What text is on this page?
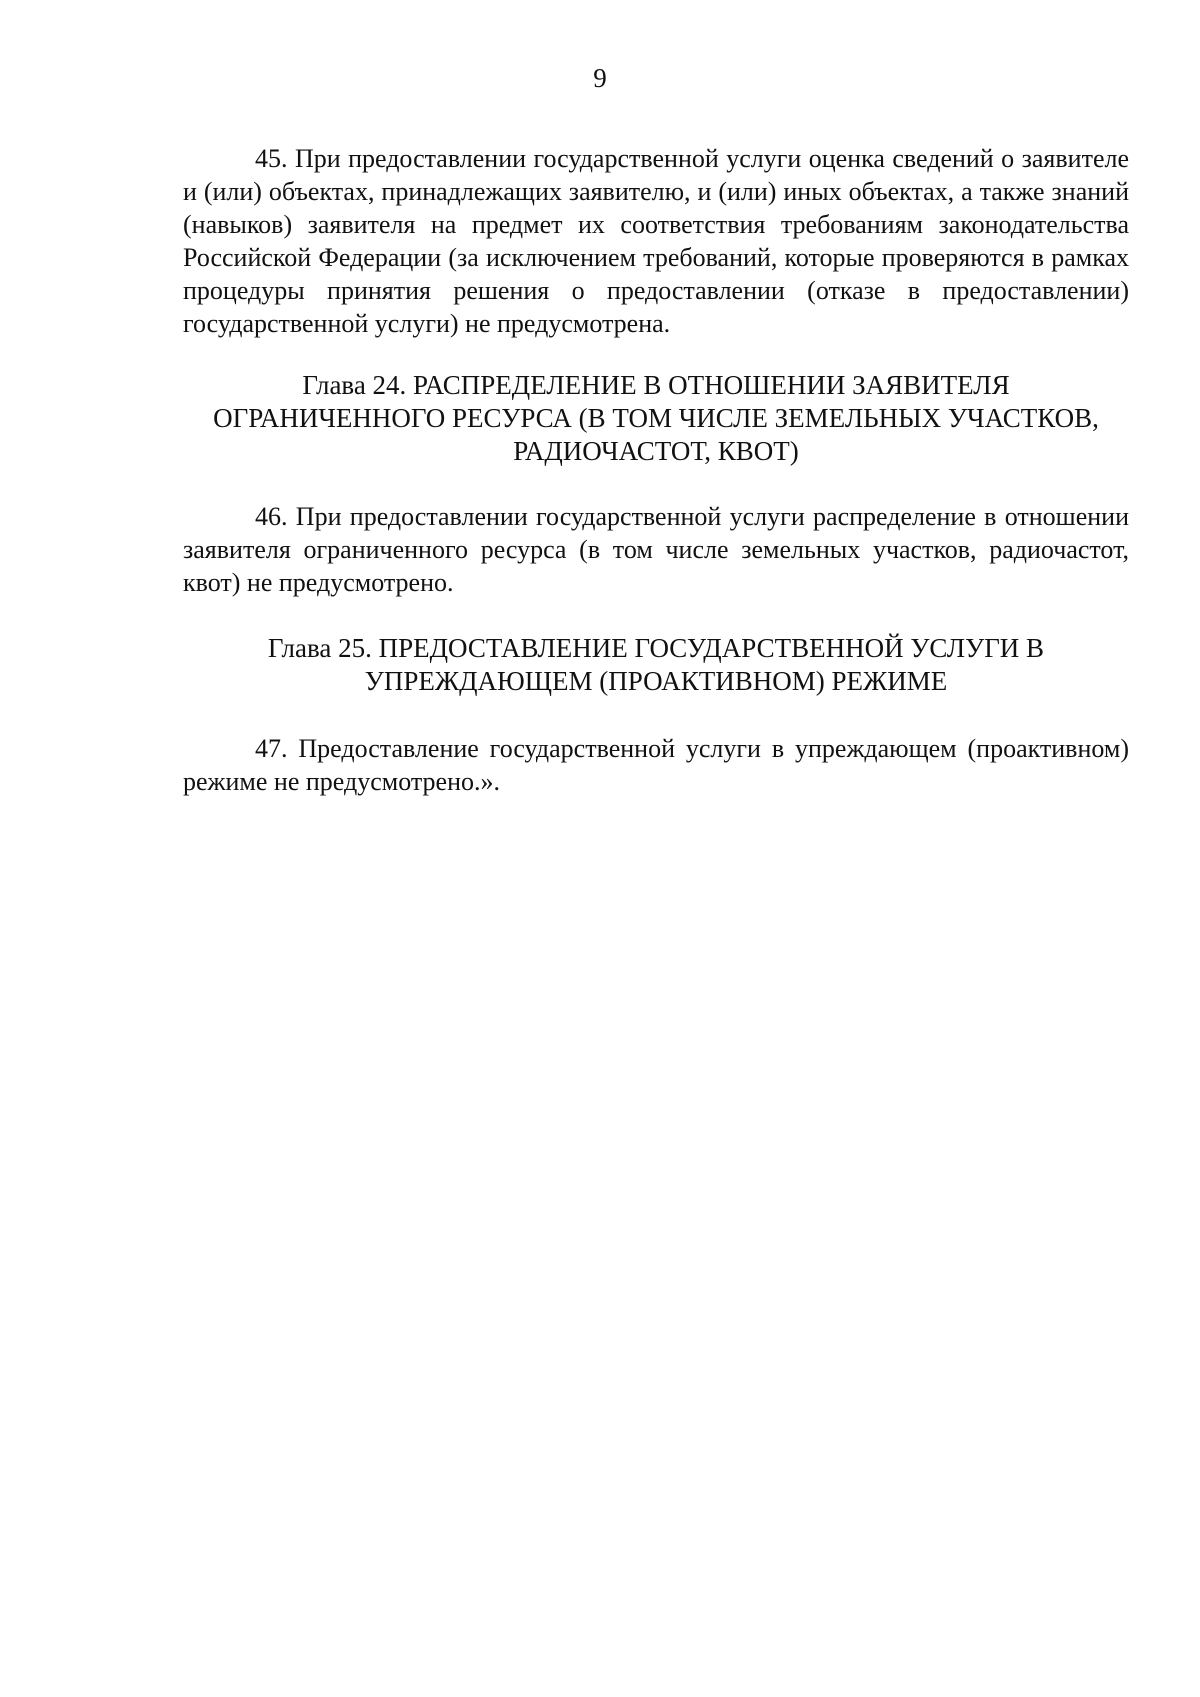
9

45. При предоставлении государственной услуги оценка сведений о заявителе и (или) объектах, принадлежащих заявителю, и (или) иных объектах, а также знаний (навыков) заявителя на предмет их соответствия требованиям законодательства Российской Федерации (за исключением требований, которые проверяются в рамках процедуры принятия решения о предоставлении (отказе в предоставлении) государственной услуги) не предусмотрена.

Глава 24. РАСПРЕДЕЛЕНИЕ В ОТНОШЕНИИ ЗАЯВИТЕЛЯ
ОГРАНИЧЕННОГО РЕСУРСА (В ТОМ ЧИСЛЕ ЗЕМЕЛЬНЫХ УЧАСТКОВ,
РАДИОЧАСТОТ, КВОТ)

46. При предоставлении государственной услуги распределение в отношении заявителя ограниченного ресурса (в том числе земельных участков, радиочастот, квот) не предусмотрено.

Глава 25. ПРЕДОСТАВЛЕНИЕ ГОСУДАРСТВЕННОЙ УСЛУГИ В
УПРЕЖДАЮЩЕМ (ПРОАКТИВНОМ) РЕЖИМЕ

47. Предоставление государственной услуги в упреждающем (проактивном) режиме не предусмотрено.».
